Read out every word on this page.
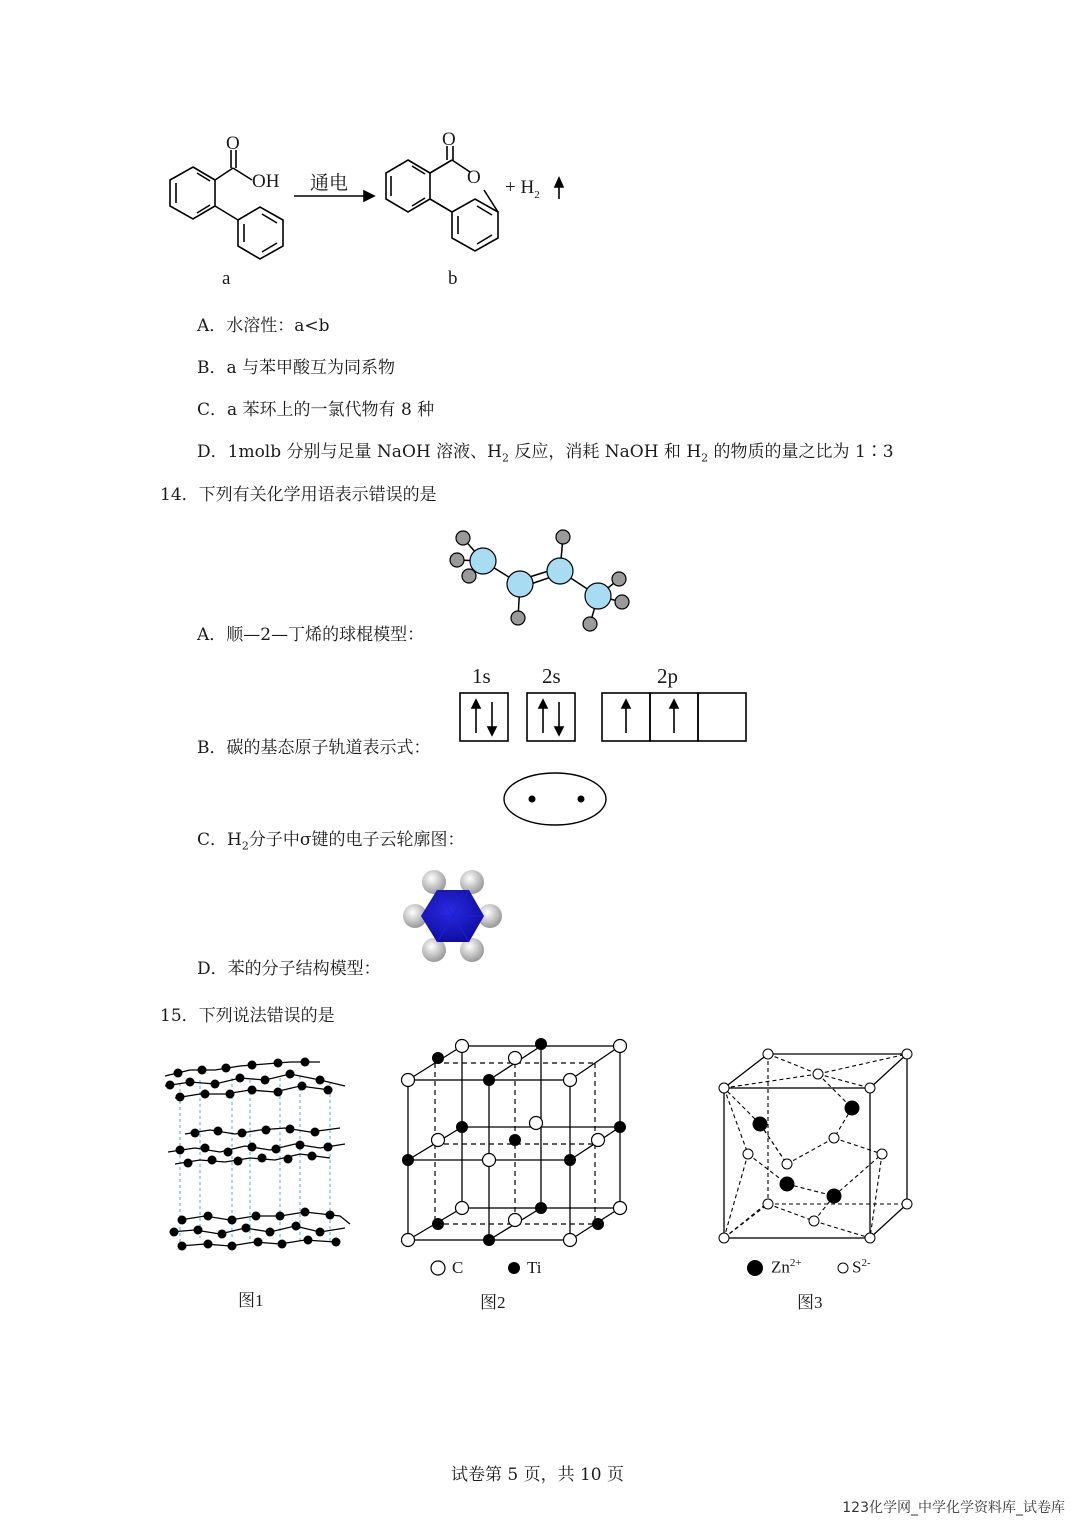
OH
O
通电
O
$O + H_2$
a	b
A．水溶性：a<b
B．a 与苯甲酸互为同系物
C．a 苯环上的一氯代物有 8 种
D．1molb 分别与足量 NaOH 溶液、$H_2$ 反应，消耗 NaOH 和 $H_2$ 的物质的量之比为 1∶3
14．下列有关化学用语表示错误的是
A．顺—2—丁烯的球棍模型：
1s 2s	2p
B．碳的基态原子轨道表示式：
C．$H_2$分子中σ键的电子云轮廓图：
D．苯的分子结构模型：
15．下列说法错误的是
图1
C	Ti
图2
$Zn^{2+}$	$S^{2-}$
图3
试卷第 5 页，共 10 页
123化学网_中学化学资料库_试卷库
